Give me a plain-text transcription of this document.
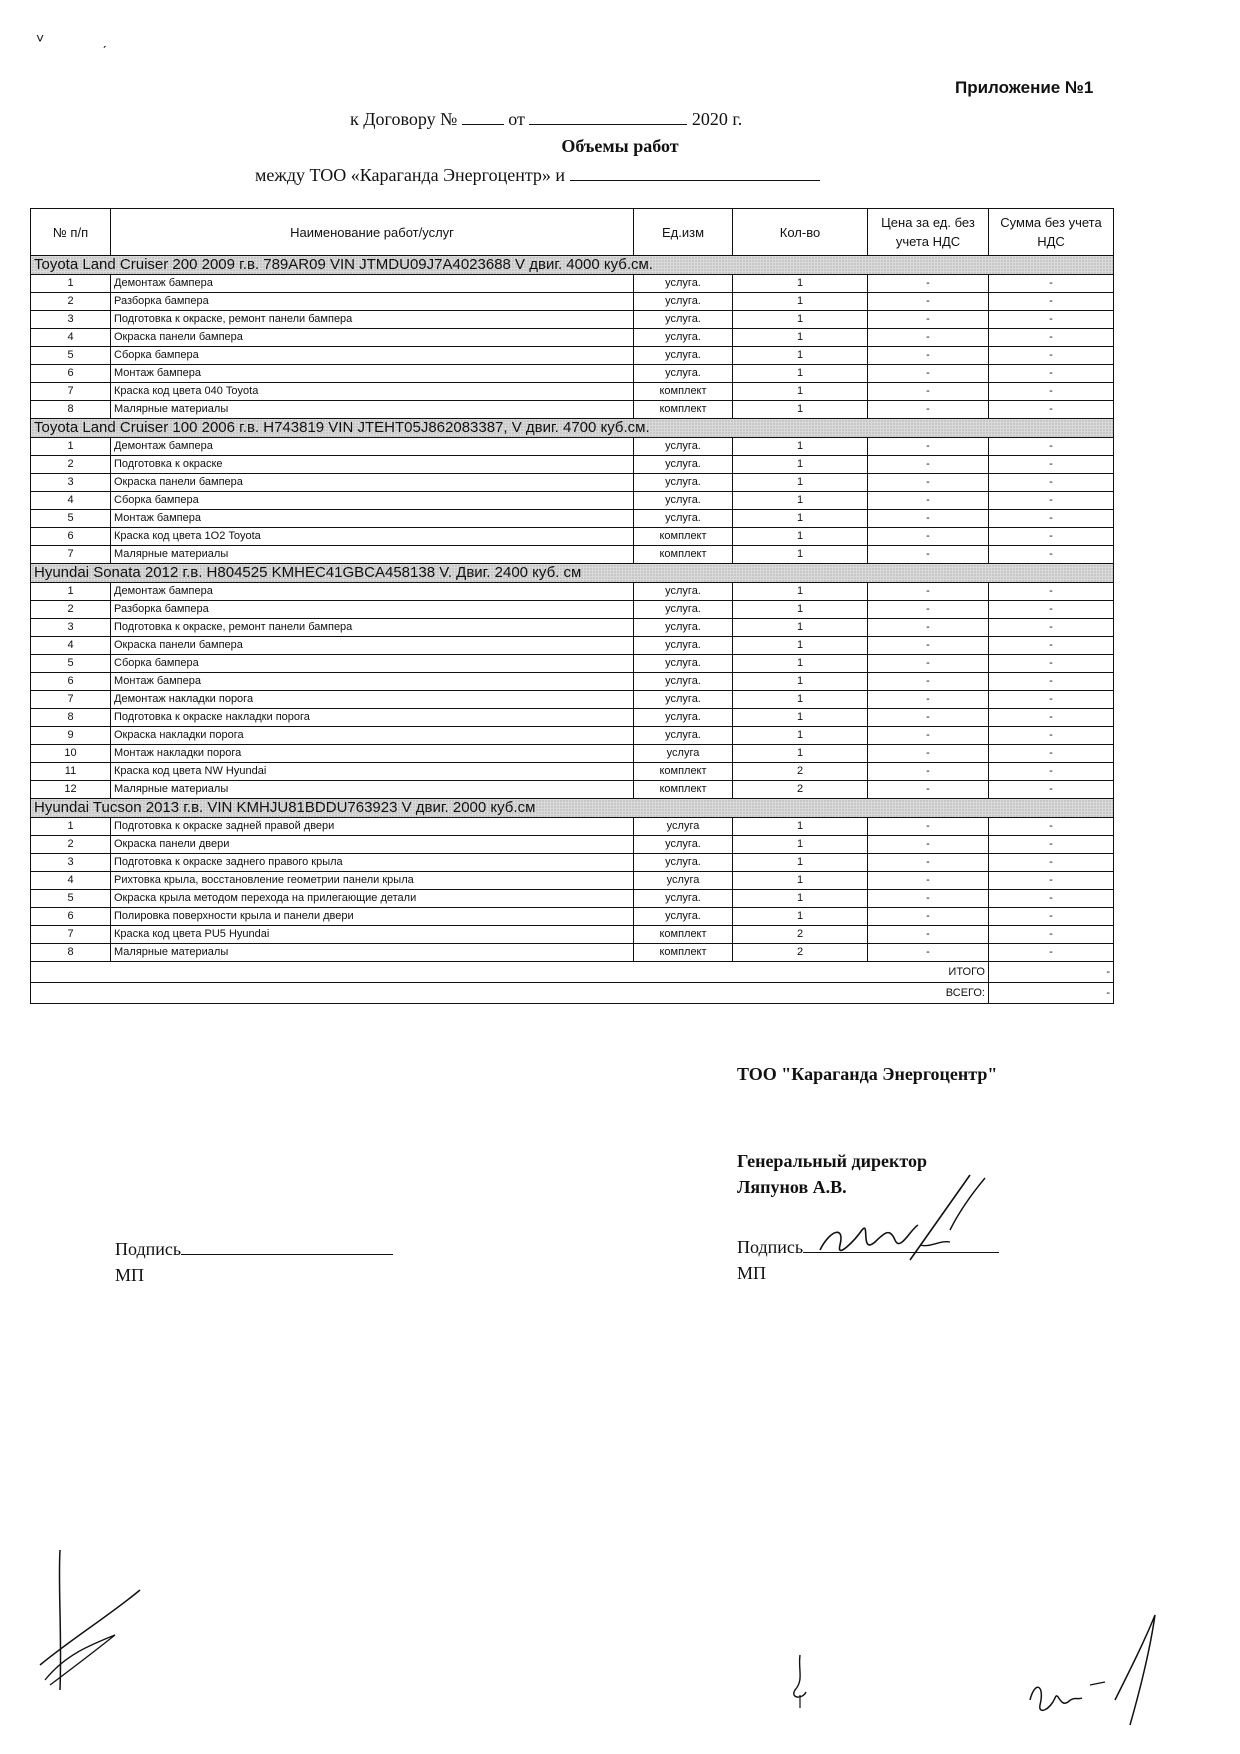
˅	ˏ
Приложение №1
к Договору №	от	2020 г.
Объемы работ
между ТОО «Караганда Энергоцентр» и
№ п/п	Наименование работ/услуг	Ед.изм	Кол-во	Цена за ед. без учета НДС	Сумма без учета НДС
Toyota Land Cruiser 200 2009 г.в. 789AR09 VIN JTMDU09J7A4023688 V двиг. 4000 куб.см.					
1	Демонтаж бампера	услуга.	1	-	-
2	Разборка бампера	услуга.	1	-	-
3	Подготовка к окраске, ремонт панели бампера	услуга.	1	-	-
4	Окраска панели бампера	услуга.	1	-	-
5	Сборка бампера	услуга.	1	-	-
6	Монтаж бампера	услуга.	1	-	-
7	Краска код цвета 040 Toyota	комплект	1	-	-
8	Малярные материалы	комплект	1	-	-
Toyota Land Cruiser 100 2006 г.в. H743819 VIN JTEHT05J862083387, V двиг. 4700 куб.см.					
1	Демонтаж бампера	услуга.	1	-	-
2	Подготовка к окраске	услуга.	1	-	-
3	Окраска панели бампера	услуга.	1	-	-
4	Сборка бампера	услуга.	1	-	-
5	Монтаж бампера	услуга.	1	-	-
6	Краска код цвета 1О2 Toyota	комплект	1	-	-
7	Малярные материалы	комплект	1	-	-
Hyundai Sonata 2012 г.в. H804525 KMHEC41GBCA458138 V. Двиг. 2400 куб. см					
1	Демонтаж бампера	услуга.	1	-	-
2	Разборка бампера	услуга.	1	-	-
3	Подготовка к окраске, ремонт панели бампера	услуга.	1	-	-
4	Окраска панели бампера	услуга.	1	-	-
5	Сборка бампера	услуга.	1	-	-
6	Монтаж бампера	услуга.	1	-	-
7	Демонтаж накладки порога	услуга.	1	-	-
8	Подготовка к окраске накладки порога	услуга.	1	-	-
9	Окраска накладки порога	услуга.	1	-	-
10	Монтаж накладки порога	услуга	1	-	-
11	Краска код цвета NW Hyundai	комплект	2	-	-
12	Малярные материалы	комплект	2	-	-
Hyundai Tucson 2013 г.в. VIN KMHJU81BDDU763923 V двиг. 2000 куб.см					
1	Подготовка к окраске задней правой двери	услуга	1	-	-
2	Окраска панели двери	услуга.	1	-	-
3	Подготовка к окраске заднего правого крыла	услуга.	1	-	-
4	Рихтовка крыла, восстановление геометрии панели крыла	услуга	1	-	-
5	Окраска крыла методом перехода на прилегающие детали	услуга.	1	-	-
6	Полировка поверхности крыла и панели двери	услуга.	1	-	-
7	Краска код цвета PU5 Hyundai	комплект	2	-	-
8	Малярные материалы	комплект	2	-	-
ИТОГО					-
ВСЕГО:					-
ТОО "Караганда Энергоцентр"
Генеральный директор
Ляпунов А.В.
Подпись
МП
Подпись
МП
